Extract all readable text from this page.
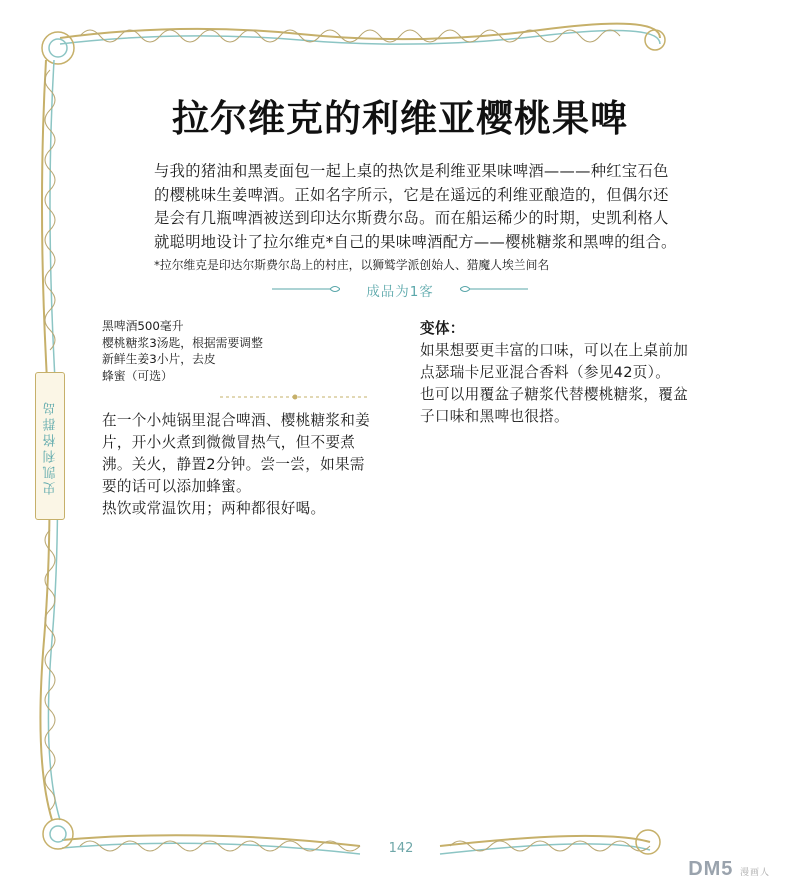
拉尔维克的利维亚樱桃果啤
与我的猪油和黑麦面包一起上桌的热饮是利维亚果味啤酒———种红宝石色
的樱桃味生姜啤酒。正如名字所示，它是在遥远的利维亚酿造的，但偶尔还
是会有几瓶啤酒被送到印达尔斯费尔岛。而在船运稀少的时期，史凯利格人
就聪明地设计了拉尔维克*自己的果味啤酒配方——樱桃糖浆和黑啤的组合。
*拉尔维克是印达尔斯费尔岛上的村庄，以狮鹫学派创始人、猎魔人埃兰间名
成品为1客
黑啤酒500毫升
樱桃糖浆3汤匙，根据需要调整
新鲜生姜3小片，去皮
蜂蜜（可选）
在一个小炖锅里混合啤酒、樱桃糖浆和姜
片，开小火煮到微微冒热气，但不要煮
沸。关火，静置2分钟。尝一尝，如果需
要的话可以添加蜂蜜。
热饮或常温饮用；两种都很好喝。
变体：
如果想要更丰富的口味，可以在上桌前加
点瑟瑞卡尼亚混合香料（参见42页）。
也可以用覆盆子糖浆代替樱桃糖浆，覆盆
子口味和黑啤也很搭。
史凯利格群岛
142
DM5 漫画人
